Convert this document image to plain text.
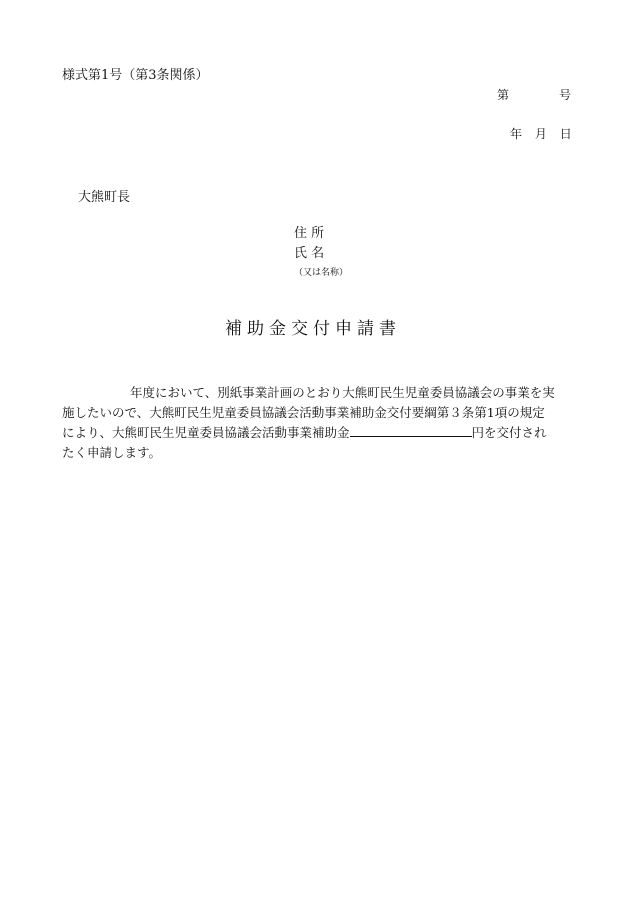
様式第1号（第3条関係）
第	号
年 月 日
大熊町長
住 所
氏 名
（又は名称）
補助金交付申請書

年度において、別紙事業計画のとおり大熊町民生児童委員協議会の事業を実

施したいので、大熊町民生児童委員協議会活動事業補助金交付要綱第３条第1項の規定

により、大熊町民生児童委員協議会活動事業補助金	円を交付され

たく申請します。
